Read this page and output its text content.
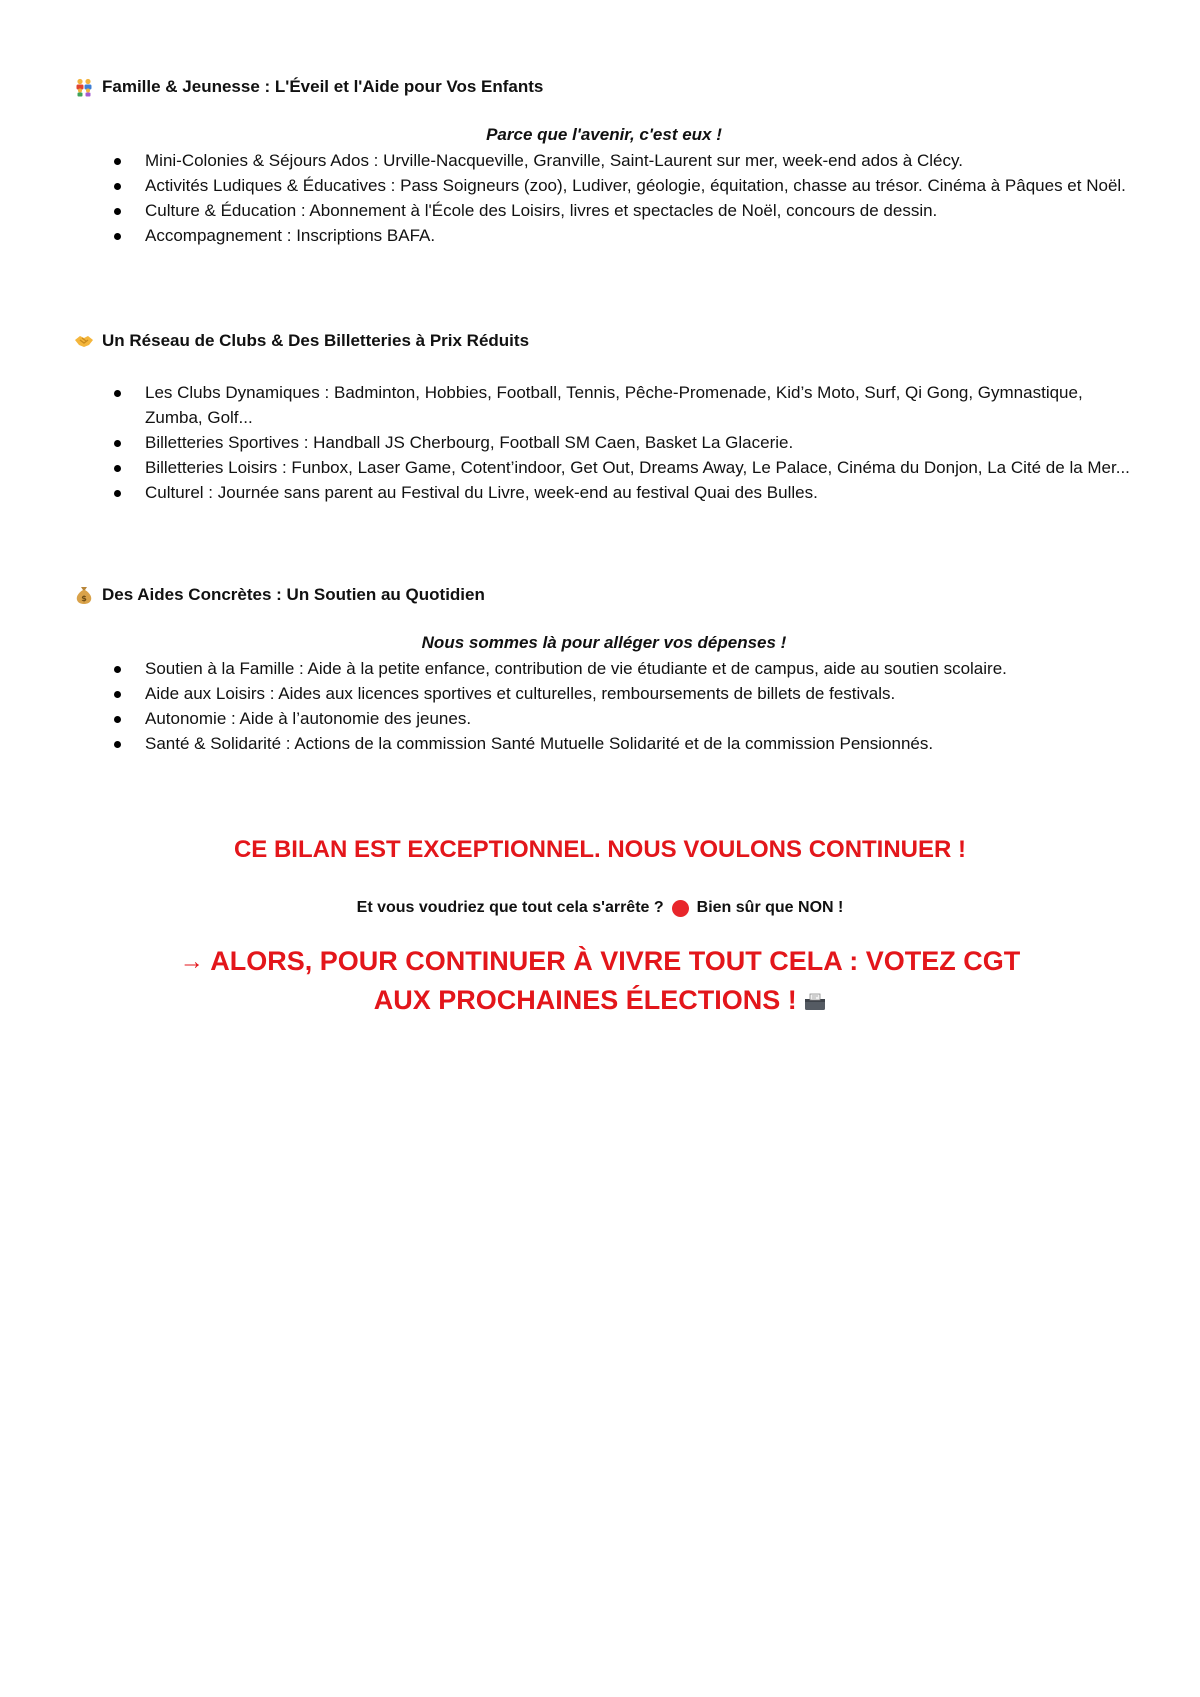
Famille & Jeunesse : L'Éveil et l'Aide pour Vos Enfants
Parce que l'avenir, c'est eux !
Mini-Colonies & Séjours Ados : Urville-Nacqueville, Granville, Saint-Laurent sur mer, week-end ados à Clécy.
Activités Ludiques & Éducatives : Pass Soigneurs (zoo), Ludiver, géologie, équitation, chasse au trésor. Cinéma à Pâques et Noël.
Culture & Éducation : Abonnement à l'École des Loisirs, livres et spectacles de Noël, concours de dessin.
Accompagnement : Inscriptions BAFA.
Un Réseau de Clubs & Des Billetteries à Prix Réduits
Les Clubs Dynamiques : Badminton, Hobbies, Football, Tennis, Pêche-Promenade, Kid’s Moto, Surf, Qi Gong, Gymnastique, Zumba, Golf...
Billetteries Sportives : Handball JS Cherbourg, Football SM Caen, Basket La Glacerie.
Billetteries Loisirs : Funbox, Laser Game, Cotent’indoor, Get Out, Dreams Away, Le Palace, Cinéma du Donjon, La Cité de la Mer...
Culturel : Journée sans parent au Festival du Livre, week-end au festival Quai des Bulles.
$ Des Aides Concrètes : Un Soutien au Quotidien
Nous sommes là pour alléger vos dépenses !
Soutien à la Famille : Aide à la petite enfance, contribution de vie étudiante et de campus, aide au soutien scolaire.
Aide aux Loisirs : Aides aux licences sportives et culturelles, remboursements de billets de festivals.
Autonomie : Aide à l’autonomie des jeunes.
Santé & Solidarité : Actions de la commission Santé Mutuelle Solidarité et de la commission Pensionnés.
CE BILAN EST EXCEPTIONNEL. NOUS VOULONS CONTINUER !
Et vous voudriez que tout cela s'arrête ? Bien sûr que NON !
→ ALORS, POUR CONTINUER À VIVRE TOUT CELA : VOTEZ CGT AUX PROCHAINES ÉLECTIONS !
